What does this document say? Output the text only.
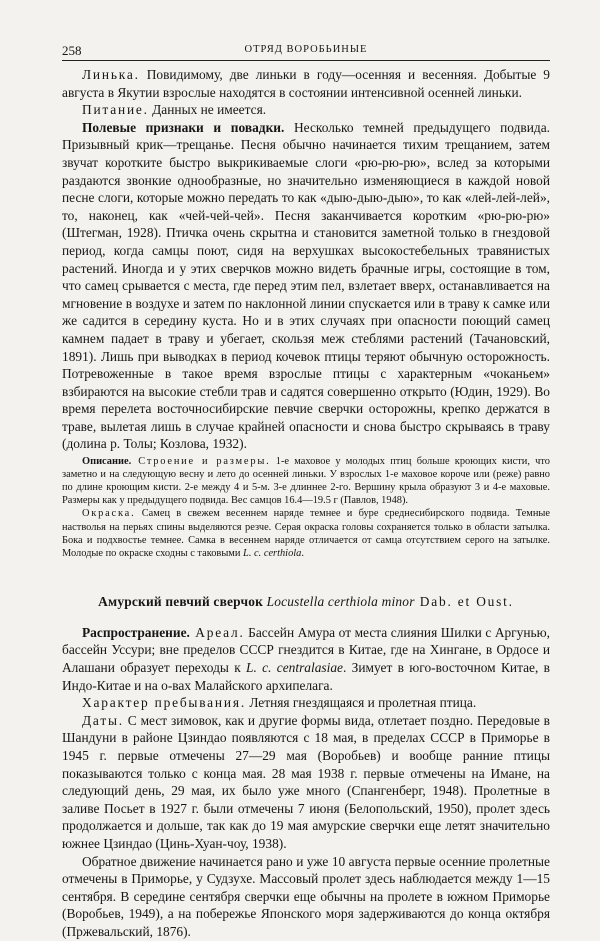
258	ОТРЯД ВОРОБЬИНЫЕ

Линька. Повидимому, две линьки в году—осенняя и весенняя. Добытые 9 августа в Якутии взрослые находятся в состоянии интенсивной осенней линьки.

Питание. Данных не имеется.

Полевые признаки и повадки. Несколько темней предыдущего подвида. Призывный крик—трещанье. Песня обычно начинается тихим трещанием, затем звучат коротките быстро выкрикиваемые слоги «рю-рю-рю», вслед за которыми раздаются звонкие однообразные, но значительно изменяющиеся в каждой новой песне слоги, которые можно передать то как «дыю-дыю-дыю», то как «лей-лей-лей», то, наконец, как «чей-чей-чей». Песня заканчивается коротким «рю-рю-рю» (Штегман, 1928). Птичка очень скрытна и становится заметной только в гнездовой период, когда самцы поют, сидя на верхушках высокостебельных травянистых растений. Иногда и у этих сверчков можно видеть брачные игры, состоящие в том, что самец срывается с места, где перед этим пел, взлетает вверх, останавливается на мгновение в воздухе и затем по наклонной линии спускается или в траву к самке или же садится в середину куста. Но и в этих случаях при опасности поющий самец камнем падает в траву и убегает, скользя меж стеблями растений (Тачановский, 1891). Лишь при выводках в период кочевок птицы теряют обычную осторожность. Потревоженные в такое время взрослые птицы с характерным «чоканьем» взбираются на высокие стебли трав и садятся совершенно открыто (Юдин, 1929). Во время перелета восточносибирские певчие сверчки осторожны, крепко держатся в траве, вылетая лишь в случае крайней опасности и снова быстро скрываясь в траву (долина р. Толы; Козлова, 1932).

Описание. Строение и размеры. 1-е маховое у молодых птиц больше кроющих кисти, что заметно и на следующую весну и лето до осенней линьки. У взрослых 1-е маховое короче или (реже) равно по длине кроющим кисти. 2-е между 4 и 5-м. 3-е длиннее 2-го. Вершину крыла образуют 3 и 4-е маховые. Размеры как у предыдущего подвида. Вес самцов 16.4—19.5 г (Павлов, 1948).

Окраска. Самец в свежем весеннем наряде темнее и буре среднесибирского подвида. Темные настволья на перьях спины выделяются резче. Серая окраска головы сохраняется только в области затылка. Бока и подхвостье темнее. Самка в весеннем наряде отличается от самца отсутствием серого на затылке. Молодые по окраске сходны с таковыми L. c. certhiola.

Амурский певчий сверчок Locustella certhiola minor Dab. et Oust.

Распространение. Ареал. Бассейн Амура от места слияния Шилки с Аргунью, бассейн Уссури; вне пределов СССР гнездится в Китае, где на Хингане, в Ордосе и Алашани образует переходы к L. c. centralasiae. Зимует в юго-восточном Китае, в Индо-Китае и на о-вах Малайского архипелага.

Характер пребывания. Летняя гнездящаяся и пролетная птица.

Даты. С мест зимовок, как и другие формы вида, отлетает поздно. Передовые в Шандуни в районе Цзиндао появляются с 18 мая, в пределах СССР в Приморье в 1945 г. первые отмечены 27—29 мая (Воробьев) и вообще ранние птицы показываются только с конца мая. 28 мая 1938 г. первые отмечены на Имане, на следующий день, 29 мая, их было уже много (Спангенберг, 1948). Пролетные в заливе Посьет в 1927 г. были отмечены 7 июня (Белопольский, 1950), пролет здесь продолжается и дольше, так как до 19 мая амурские сверчки еще летят значительно южнее Цзиндао (Цинь-Хуан-чоу, 1938).

Обратное движение начинается рано и уже 10 августа первые осенние пролетные отмечены в Приморье, у Судзухе. Массовый пролет здесь наблюдается между 1—15 сентября. В середине сентября сверчки еще обычны на пролете в южном Приморье (Воробьев, 1949), а на побережье Японского моря задерживаются до конца октября (Пржевальский, 1876).
